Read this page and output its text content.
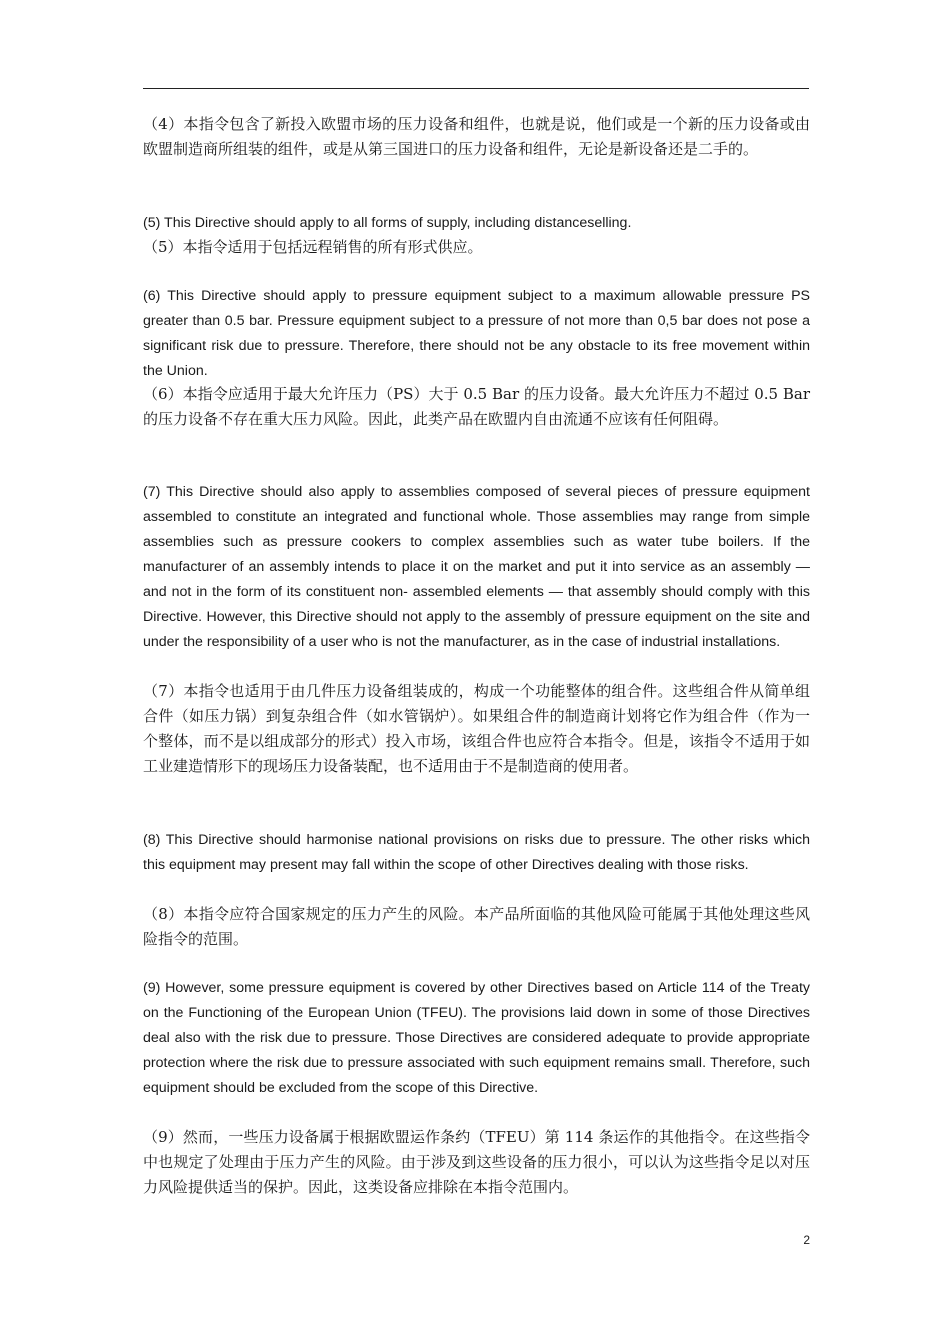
（4）本指令包含了新投入欧盟市场的压力设备和组件，也就是说，他们或是一个新的压力设备或由欧盟制造商所组装的组件，或是从第三国进口的压力设备和组件，无论是新设备还是二手的。
(5) This Directive should apply to all forms of supply, including distanceselling.
（5）本指令适用于包括远程销售的所有形式供应。
(6) This Directive should apply to pressure equipment subject to a maximum allowable pressure PS greater than 0.5 bar. Pressure equipment subject to a pressure of not more than 0,5 bar does not pose a significant risk due to pressure. Therefore, there should not be any obstacle to its free movement within the Union.
（6）本指令应适用于最大允许压力（PS）大于 0.5 Bar 的压力设备。最大允许压力不超过 0.5 Bar 的压力设备不存在重大压力风险。因此，此类产品在欧盟内自由流通不应该有任何阻碍。
(7) This Directive should also apply to assemblies composed of several pieces of pressure equipment assembled to constitute an integrated and functional whole. Those assemblies may range from simple assemblies such as pressure cookers to complex assemblies such as water tube boilers. If the manufacturer of an assembly intends to place it on the market and put it into service as an assembly — and not in the form of its constituent non- assembled elements — that assembly should comply with this Directive. However, this Directive should not apply to the assembly of pressure equipment on the site and under the responsibility of a user who is not the manufacturer, as in the case of industrial installations.
（7）本指令也适用于由几件压力设备组装成的，构成一个功能整体的组合件。这些组合件从简单组合件（如压力锅）到复杂组合件（如水管锅炉）。如果组合件的制造商计划将它作为组合件（作为一个整体，而不是以组成部分的形式）投入市场，该组合件也应符合本指令。但是，该指令不适用于如工业建造情形下的现场压力设备装配，也不适用由于不是制造商的使用者。
(8) This Directive should harmonise national provisions on risks due to pressure. The other risks which this equipment may present may fall within the scope of other Directives dealing with those risks.
（8）本指令应符合国家规定的压力产生的风险。本产品所面临的其他风险可能属于其他处理这些风险指令的范围。
(9) However, some pressure equipment is covered by other Directives based on Article 114 of the Treaty on the Functioning of the European Union (TFEU). The provisions laid down in some of those Directives deal also with the risk due to pressure. Those Directives are considered adequate to provide appropriate protection where the risk due to pressure associated with such equipment remains small. Therefore, such equipment should be excluded from the scope of this Directive.
（9）然而，一些压力设备属于根据欧盟运作条约（TFEU）第 114 条运作的其他指令。在这些指令中也规定了处理由于压力产生的风险。由于涉及到这些设备的压力很小，可以认为这些指令足以对压力风险提供适当的保护。因此，这类设备应排除在本指令范围内。
2
